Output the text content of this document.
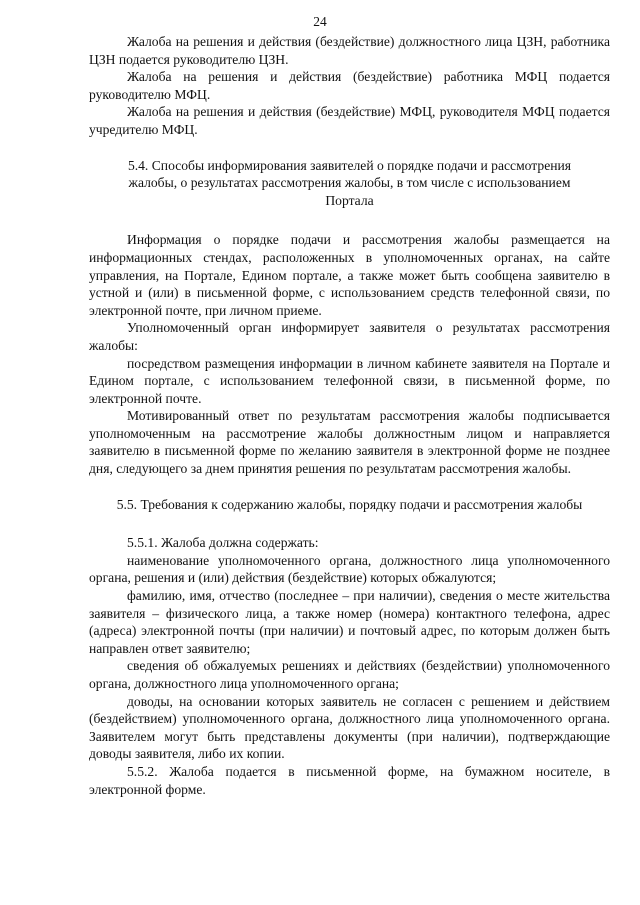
24

Жалоба на решения и действия (бездействие) должностного лица ЦЗН, работника ЦЗН подается руководителю ЦЗН.

Жалоба на решения и действия (бездействие) работника МФЦ подается руководителю МФЦ.

Жалоба на решения и действия (бездействие) МФЦ, руководителя МФЦ подается учредителю МФЦ.

5.4. Способы информирования заявителей о порядке подачи и рассмотрения жалобы, о результатах рассмотрения жалобы, в том числе с использованием Портала

Информация о порядке подачи и рассмотрения жалобы размещается на информационных стендах, расположенных в уполномоченных органах, на сайте управления, на Портале, Едином портале, а также может быть сообщена заявителю в устной и (или) в письменной форме, с использованием средств телефонной связи, по электронной почте, при личном приеме.

Уполномоченный орган информирует заявителя о результатах рассмотрения жалобы:

посредством размещения информации в личном кабинете заявителя на Портале и Едином портале, с использованием телефонной связи, в письменной форме, по электронной почте.

Мотивированный ответ по результатам рассмотрения жалобы подписывается уполномоченным на рассмотрение жалобы должностным лицом и направляется заявителю в письменной форме по желанию заявителя в электронной форме не позднее дня, следующего за днем принятия решения по результатам рассмотрения жалобы.

5.5. Требования к содержанию жалобы, порядку подачи и рассмотрения жалобы

5.5.1. Жалоба должна содержать:

наименование уполномоченного органа, должностного лица уполномоченного органа, решения и (или) действия (бездействие) которых обжалуются;

фамилию, имя, отчество (последнее – при наличии), сведения о месте жительства заявителя – физического лица, а также номер (номера) контактного телефона, адрес (адреса) электронной почты (при наличии) и почтовый адрес, по которым должен быть направлен ответ заявителю;

сведения об обжалуемых решениях и действиях (бездействии) уполномоченного органа, должностного лица уполномоченного органа;

доводы, на основании которых заявитель не согласен с решением и действием (бездействием) уполномоченного органа, должностного лица уполномоченного органа. Заявителем могут быть представлены документы (при наличии), подтверждающие доводы заявителя, либо их копии.

5.5.2. Жалоба подается в письменной форме, на бумажном носителе, в электронной форме.
